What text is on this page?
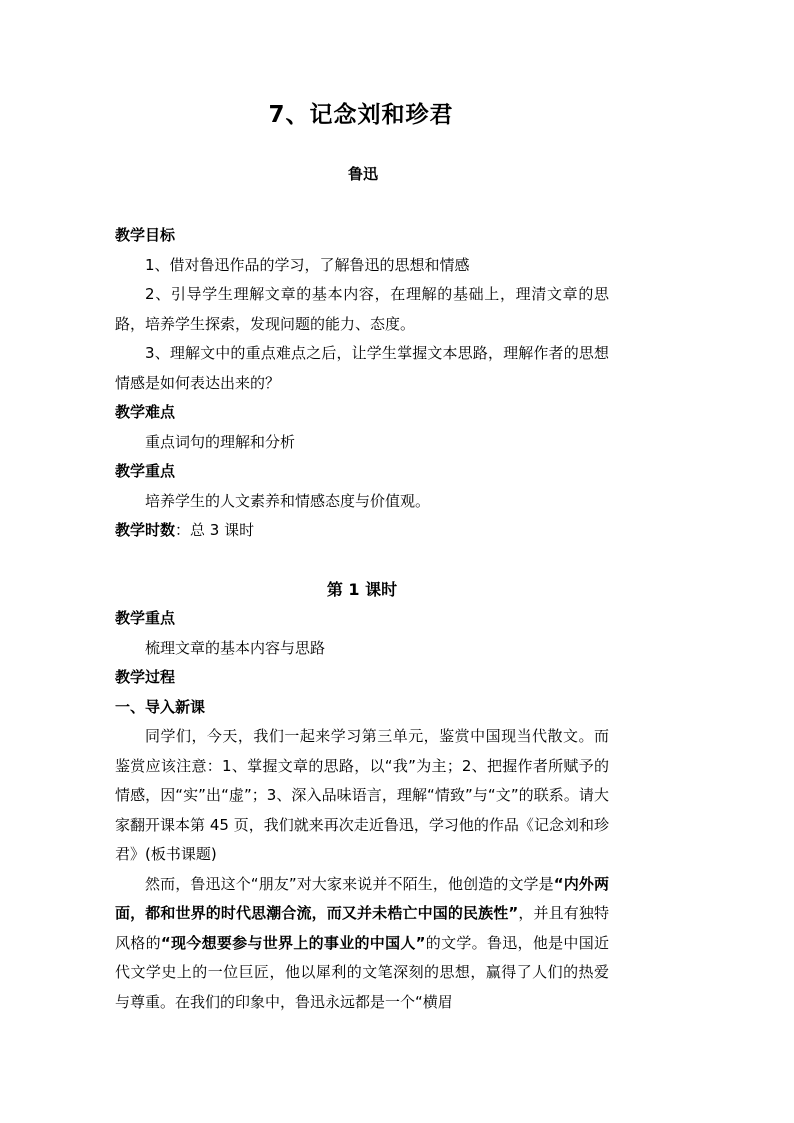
7、记念刘和珍君
鲁迅

教学目标

1、借对鲁迅作品的学习，了解鲁迅的思想和情感

2、引导学生理解文章的基本内容，在理解的基础上，理清文章的思路，培养学生探索，发现问题的能力、态度。

3、理解文中的重点难点之后，让学生掌握文本思路，理解作者的思想情感是如何表达出来的？

教学难点

重点词句的理解和分析

教学重点

培养学生的人文素养和情感态度与价值观。

教学时数：总 3 课时

第 1 课时

教学重点

梳理文章的基本内容与思路

教学过程

一、导入新课

同学们，今天，我们一起来学习第三单元，鉴赏中国现当代散文。而鉴赏应该注意：1、掌握文章的思路，以“我”为主；2、把握作者所赋予的情感，因“实”出“虚”；3、深入品味语言，理解“情致”与“文”的联系。请大家翻开课本第 45 页，我们就来再次走近鲁迅，学习他的作品《记念刘和珍君》(板书课题)

然而，鲁迅这个“朋友”对大家来说并不陌生，他创造的文学是“内外两面，都和世界的时代思潮合流，而又并未梏亡中国的民族性”，并且有独特风格的“现今想要参与世界上的事业的中国人”的文学。鲁迅，他是中国近代文学史上的一位巨匠，他以犀利的文笔深刻的思想，赢得了人们的热爱与尊重。在我们的印象中，鲁迅永远都是一个“横眉
